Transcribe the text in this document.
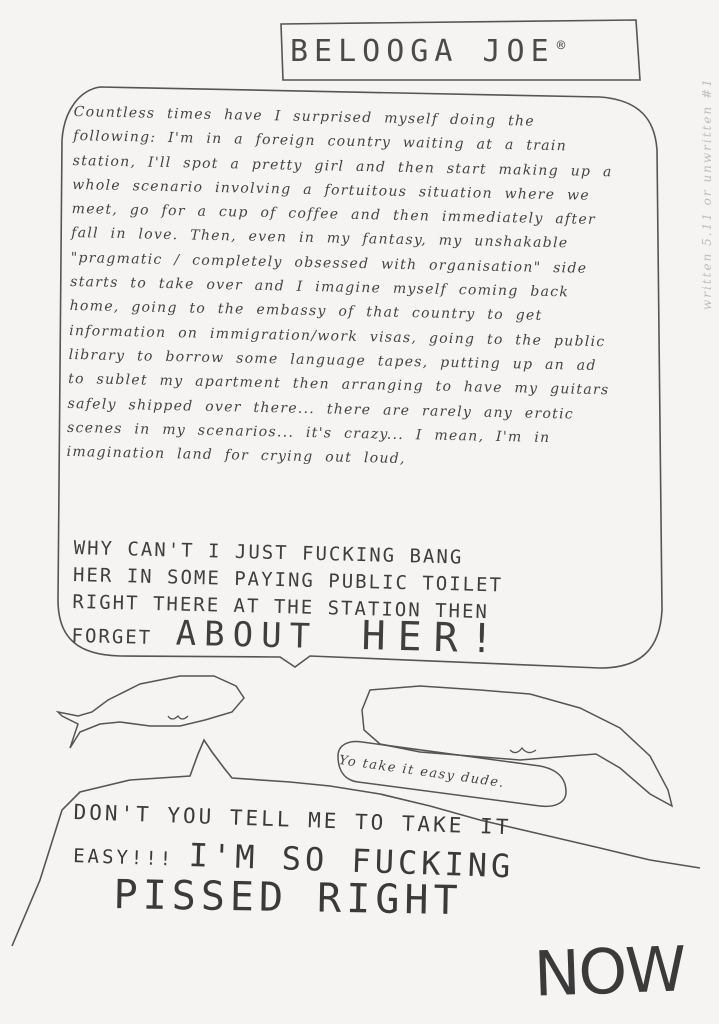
BELOOGA JOE ®
Countless times have I surprised myself doing the following: I'm in a foreign country waiting at a train station, I'll spot a pretty girl and then start making up a whole scenario involving a fortuitous situation where we meet, go for a cup of coffee and then immediately after fall in love. Then, even in my fantasy, my unshakable "pragmatic / completely obsessed with organisation" side starts to take over and I imagine myself coming back home, going to the embassy of that country to get information on immigration/work visas, going to the public library to borrow some language tapes, putting up an ad to sublet my apartment then arranging to have my guitars safely shipped over there... there are rarely any erotic scenes in my scenarios... it's crazy... I mean, I'm in imagination land for crying out loud,
WHY CAN'T I JUST FUCKING BANG
HER IN SOME PAYING PUBLIC TOILET
RIGHT THERE AT THE STATION THEN
FORGET ABOUT HER!
Yo take it easy dude.
DON'T YOU TELL ME TO TAKE IT
EASY!!! I'M SO FUCKING
PISSED RIGHT
NOW
written 5.11 or unwritten #1
